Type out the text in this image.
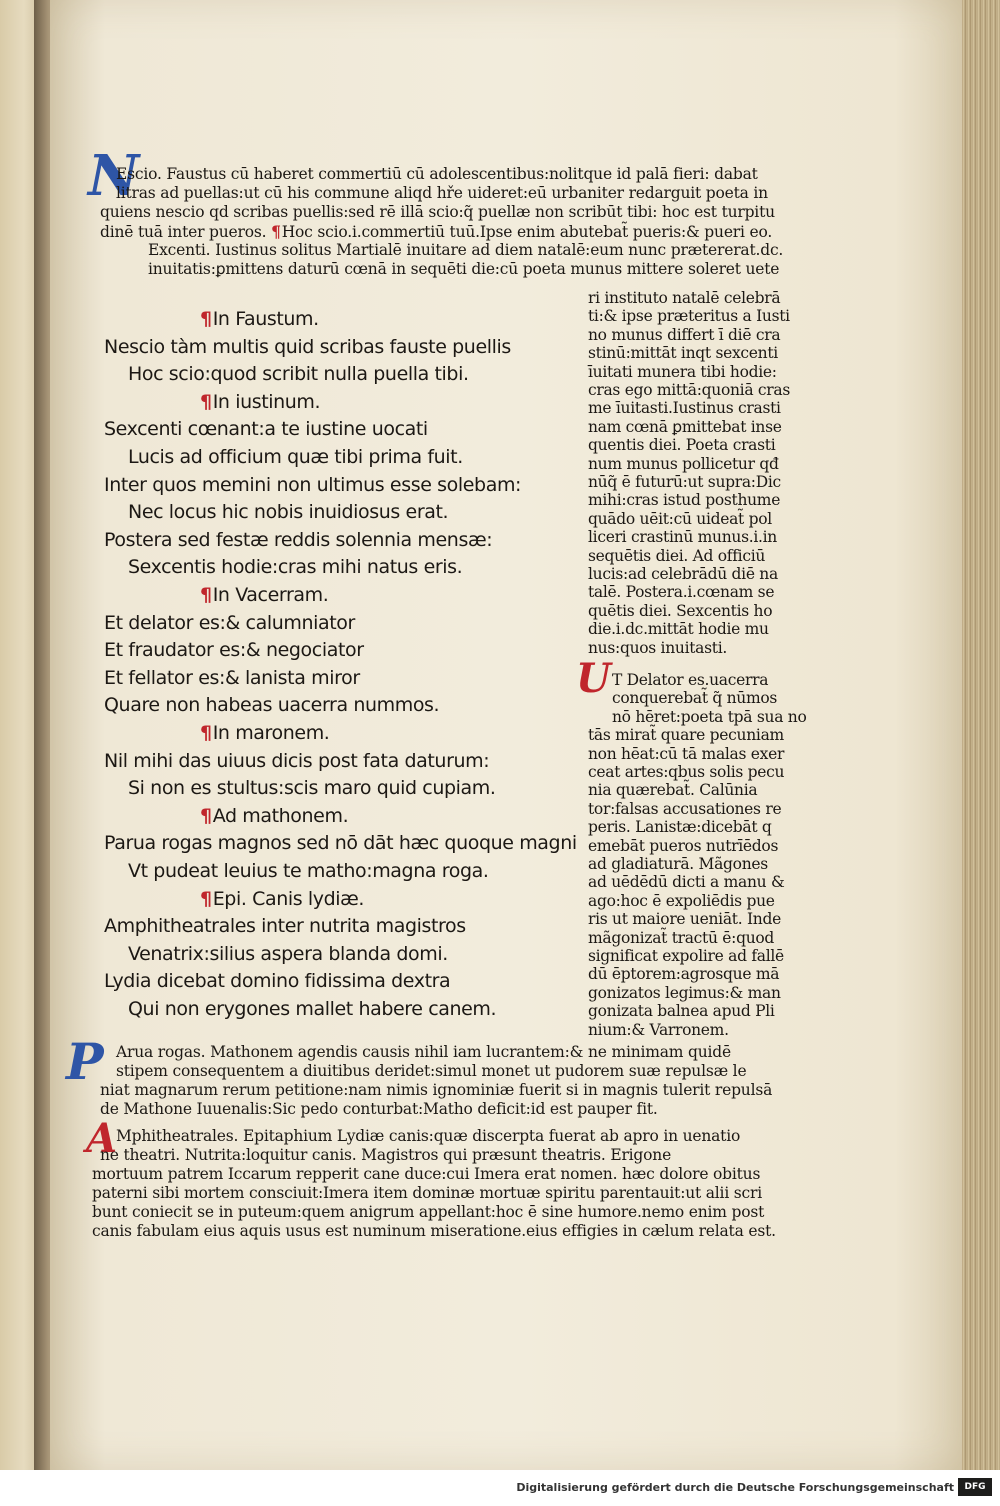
N
P
A
U
Escio. Faustus cū haberet commertiū cū adolescentibus:nolitque id palā fieri: dabat
litras ad puellas:ut cū his commune aliqd hře uideret:eū urbaniter redarguit poeta in
quiens nescio qd scribas puellis:sed rē illā scio:q̃ puellæ non scribūt tibi: hoc est turpitu
dinē tuā inter pueros. ¶Hoc scio.i.commertiū tuū.Ipse enim abutebat̃ pueris:& pueri eo.
Excenti. Iustinus solitus Martialē inuitare ad diem natalē:eum nunc prætererat.dc.
inuitatis:ꝑmittens daturū cœnā in sequēti die:cū poeta munus mittere soleret uete
¶In Faustum.
Nescio tàm multis quid scribas fauste puellis
Hoc scio:quod scribit nulla puella tibi.
¶In iustinum.
Sexcenti cœnant:a te iustine uocati
Lucis ad officium quæ tibi prima fuit.
Inter quos memini non ultimus esse solebam:
Nec locus hic nobis inuidiosus erat.
Postera sed festæ reddis solennia mensæ:
Sexcentis hodie:cras mihi natus eris.
¶In Vacerram.
Et delator es:& calumniator
Et fraudator es:& negociator
Et fellator es:& lanista miror
Quare non habeas uacerra nummos.
¶In maronem.
Nil mihi das uiuus dicis post fata daturum:
Si non es stultus:scis maro quid cupiam.
¶Ad mathonem.
Parua rogas magnos sed nō dāt hæc quoque magni
Vt pudeat leuius te matho:magna roga.
¶Epi. Canis lydiæ.
Amphitheatrales inter nutrita magistros
Venatrix:silius aspera blanda domi.
Lydia dicebat domino fidissima dextra
Qui non erygones mallet habere canem.
ri instituto natalē celebrā
ti:& ipse præteritus a Iusti
no munus differt ī diē cra
stinū:mittāt inqt sexcenti
īuitati munera tibi hodie:
cras ego mittā:quoniā cras
me īuitasti.Iustinus crasti
nam cœnā ꝑmittebat inse
quentis diei. Poeta crasti
num munus pollicetur qđ
nūq̃ ē futurū:ut supra:Dic
mihi:cras istud posthume
quādo uēit:cū uideat̃ pol
liceri crastinū munus.i.in
sequētis diei. Ad officiū
lucis:ad celebrādū diē na
talē. Postera.i.cœnam se
quētis diei. Sexcentis ho
die.i.dc.mittāt hodie mu
nus:quos inuitasti.
T Delator es.uacerra
conquerebat̃ q̃ nūmos
nō hēret:poeta tpā sua no
tās mirat̃ quare pecuniam
non hēat:cū tā malas exer
ceat artes:qbus solis pecu
nia quærebat̃. Calūnia
tor:falsas accusationes re
peris. Lanistæ:dicebāt q
emebāt pueros nutrīēdos
ad gladiaturā. Mãgones
ad uēdēdū dicti a manu &
ago:hoc ē expoliēdis pue
ris ut maiore ueniāt. Inde
mãgonizat̃ tractū ē:quod
significat expolire ad fallē
dū ēptorem:agrosque mā
gonizatos legimus:& man
gonizata balnea apud Pli
nium:& Varronem.
Arua rogas. Mathonem agendis causis nihil iam lucrantem:& ne minimam quidē
stipem consequentem a diuitibus deridet:simul monet ut pudorem suæ repulsæ le
niat magnarum rerum petitione:nam nimis ignominiæ fuerit si in magnis tulerit repulsā
de Mathone Iuuenalis:Sic pedo conturbat:Matho deficit:id est pauper fit.
Mphitheatrales. Epitaphium Lydiæ canis:quæ discerpta fuerat ab apro in uenatio
ne theatri. Nutrita:loquitur canis. Magistros qui præsunt theatris. Erigone
mortuum patrem Iccarum repperit cane duce:cui Imera erat nomen. hæc dolore obitus
paterni sibi mortem consciuit:Imera item dominæ mortuæ spiritu parentauit:ut alii scri
bunt coniecit se in puteum:quem anigrum appellant:hoc ē sine humore.nemo enim post
canis fabulam eius aquis usus est numinum miseratione.eius effigies in cælum relata est.
Digitalisierung gefördert durch die Deutsche Forschungsgemeinschaft	DFG
